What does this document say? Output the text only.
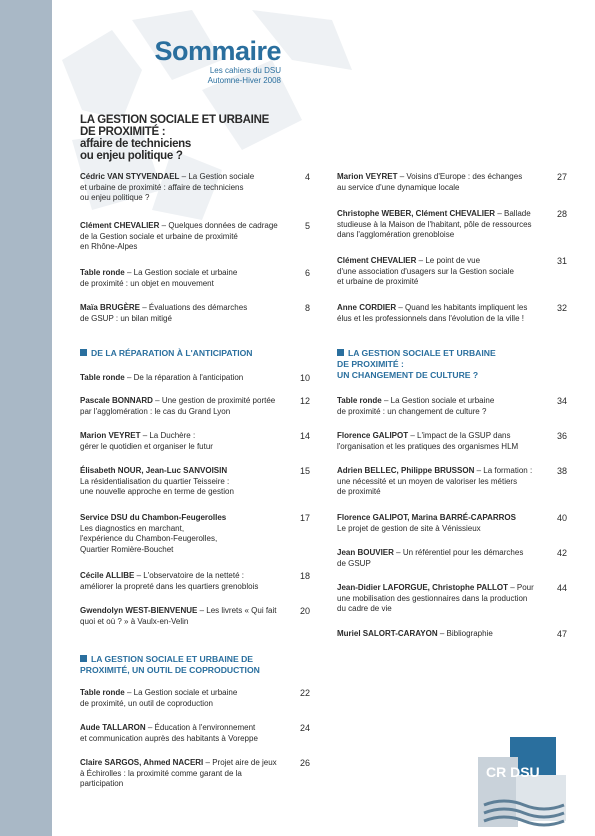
Sommaire
Les cahiers du DSU
Automne-Hiver 2008
LA GESTION SOCIALE ET URBAINE
DE PROXIMITÉ :
affaire de techniciens
ou enjeu politique ?
Cédric VAN STYVENDAEL – La Gestion sociale
et urbaine de proximité : affaire de techniciens
ou enjeu politique ?
4
Clément CHEVALIER – Quelques données de cadrage
de la Gestion sociale et urbaine de proximité
en Rhône-Alpes
5
Table ronde – La Gestion sociale et urbaine
de proximité : un objet en mouvement
6
Maïa BRUGÈRE – Évaluations des démarches
de GSUP : un bilan mitigé
8
DE LA RÉPARATION À L'ANTICIPATION
Table ronde – De la réparation à l'anticipation	10
Pascale BONNARD – Une gestion de proximité portée
par l'agglomération : le cas du Grand Lyon
12
Marion VEYRET – La Duchère :
gérer le quotidien et organiser le futur
14
Élisabeth NOUR, Jean-Luc SANVOISIN
La résidentialisation du quartier Teisseire :
une nouvelle approche en terme de gestion
15
Service DSU du Chambon-Feugerolles
Les diagnostics en marchant,
l'expérience du Chambon-Feugerolles,
Quartier Romière-Bouchet
17
Cécile ALLIBE – L'observatoire de la netteté :
améliorer la propreté dans les quartiers grenoblois
18
Gwendolyn WEST-BIENVENUE – Les livrets « Qui fait
quoi et où ? » à Vaulx-en-Velin
20
LA GESTION SOCIALE ET URBAINE DE
PROXIMITÉ, UN OUTIL DE COPRODUCTION
Table ronde – La Gestion sociale et urbaine
de proximité, un outil de coproduction
22
Aude TALLARON – Éducation à l'environnement
et communication auprès des habitants à Voreppe
24
Claire SARGOS, Ahmed NACERI – Projet aire de jeux
à Échirolles : la proximité comme garant de la
participation
26
Marion VEYRET – Voisins d'Europe : des échanges
au service d'une dynamique locale
27
Christophe WEBER, Clément CHEVALIER – Ballade
studieuse à la Maison de l'habitant, pôle de ressources
dans l'agglomération grenobloise
28
Clément CHEVALIER – Le point de vue
d'une association d'usagers sur la Gestion sociale
et urbaine de proximité
31
Anne CORDIER – Quand les habitants impliquent les
élus et les professionnels dans l'évolution de la ville !
32
LA GESTION SOCIALE ET URBAINE
DE PROXIMITÉ :
UN CHANGEMENT DE CULTURE ?
Table ronde – La Gestion sociale et urbaine
de proximité : un changement de culture ?
34
Florence GALIPOT – L'impact de la GSUP dans
l'organisation et les pratiques des organismes HLM
36
Adrien BELLEC, Philippe BRUSSON – La formation :
une nécessité et un moyen de valoriser les métiers
de proximité
38
Florence GALIPOT, Marina BARRÉ-CAPARROS
Le projet de gestion de site à Vénissieux
40
Jean BOUVIER – Un référentiel pour les démarches
de GSUP
42
Jean-Didier LAFORGUE, Christophe PALLOT – Pour
une mobilisation des gestionnaires dans la production
du cadre de vie
44
Muriel SALORT-CARAYON – Bibliographie	47
CR DSU
